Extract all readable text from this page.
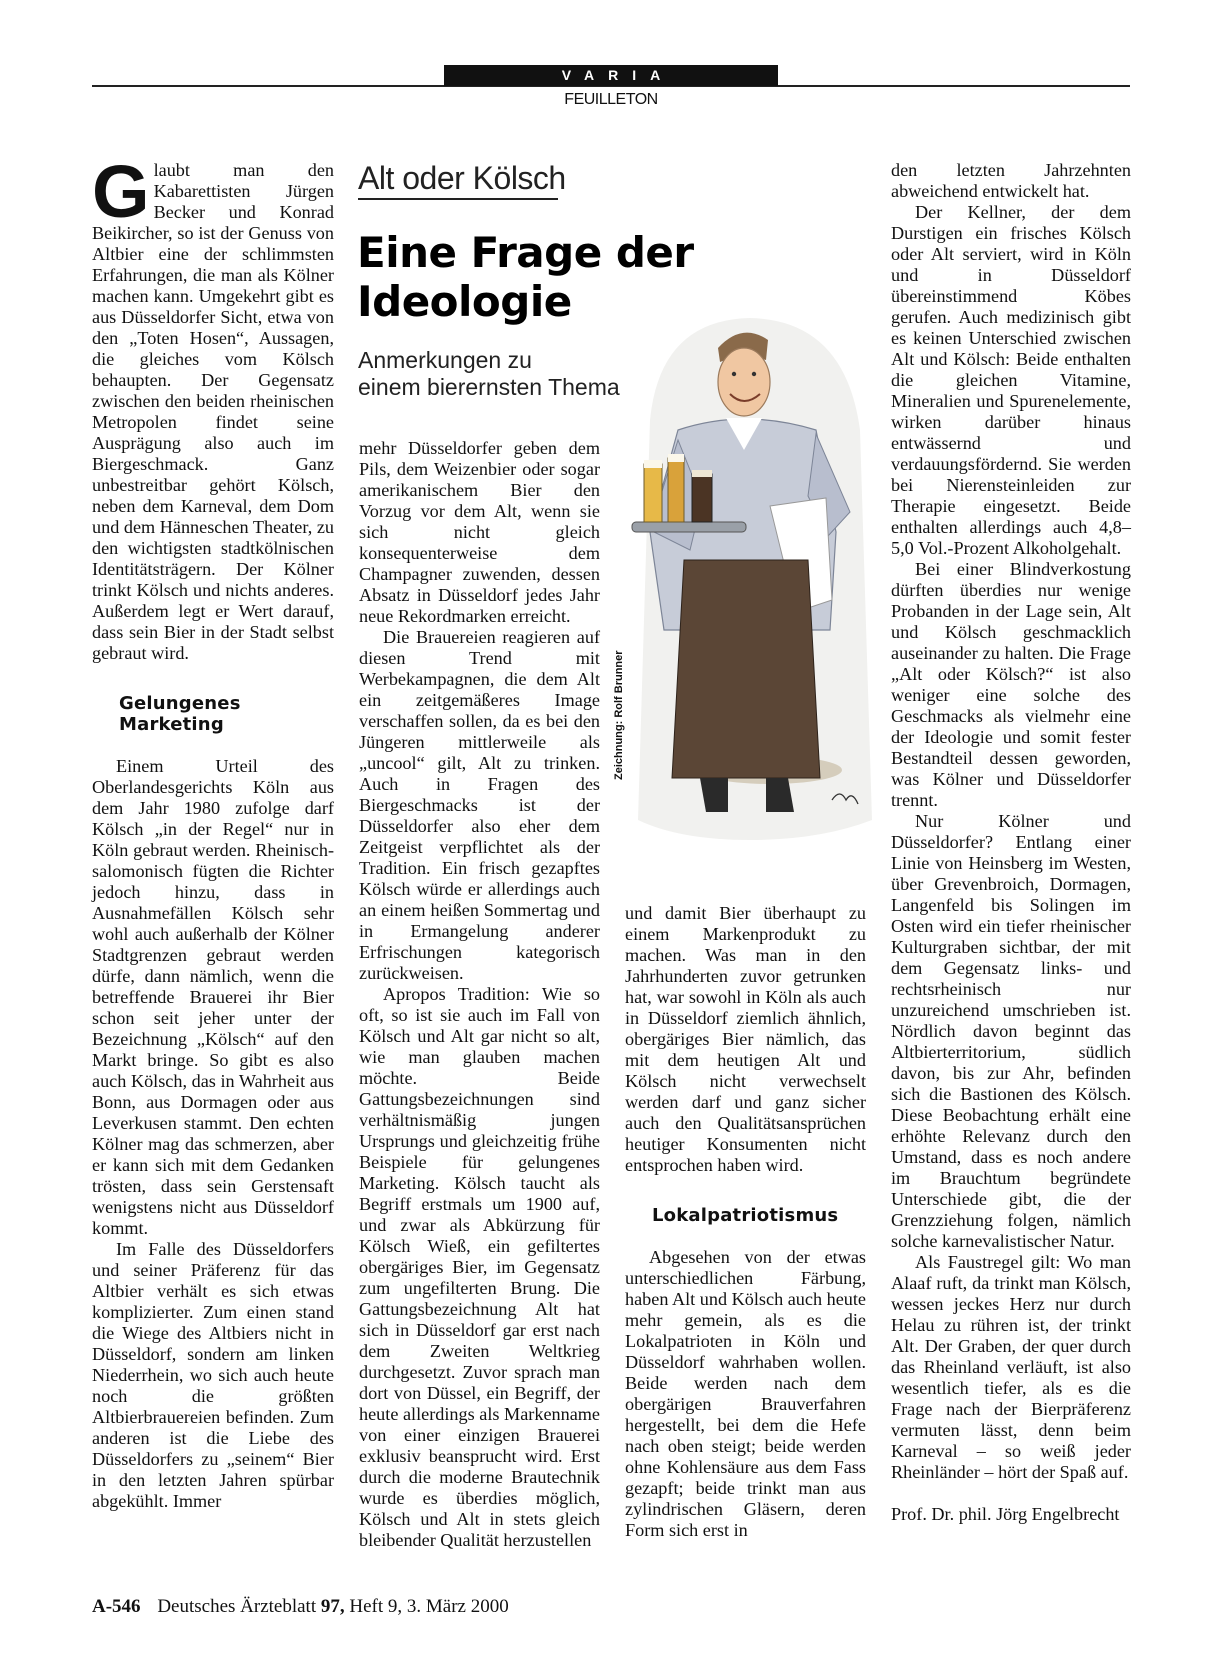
VARIA
FEUILLETON

Glaubt man den Kabarettisten Jürgen Becker und Konrad Beikircher, so ist der Genuss von Altbier eine der schlimmsten Erfahrungen, die man als Kölner machen kann. Umgekehrt gibt es aus Düsseldorfer Sicht, etwa von den „Toten Hosen“, Aussagen, die gleiches vom Kölsch behaupten. Der Gegensatz zwischen den beiden rheinischen Metropolen findet seine Ausprägung also auch im Biergeschmack. Ganz unbestreitbar gehört Kölsch, neben dem Karneval, dem Dom und dem Hänneschen Theater, zu den wichtigsten stadtkölnischen Identitätsträgern. Der Kölner trinkt Kölsch und nichts anderes. Außerdem legt er Wert darauf, dass sein Bier in der Stadt selbst gebraut wird.

Gelungenes
Marketing

Einem Urteil des Oberlandesgerichts Köln aus dem Jahr 1980 zufolge darf Kölsch „in der Regel“ nur in Köln gebraut werden. Rheinisch-salomonisch fügten die Richter jedoch hinzu, dass in Ausnahmefällen Kölsch sehr wohl auch außerhalb der Kölner Stadtgrenzen gebraut werden dürfe, dann nämlich, wenn die betreffende Brauerei ihr Bier schon seit jeher unter der Bezeichnung „Kölsch“ auf den Markt bringe. So gibt es also auch Kölsch, das in Wahrheit aus Bonn, aus Dormagen oder aus Leverkusen stammt. Den echten Kölner mag das schmerzen, aber er kann sich mit dem Gedanken trösten, dass sein Gerstensaft wenigstens nicht aus Düsseldorf kommt.

Im Falle des Düsseldorfers und seiner Präferenz für das Altbier verhält es sich etwas komplizierter. Zum einen stand die Wiege des Altbiers nicht in Düsseldorf, sondern am linken Niederrhein, wo sich auch heute noch die größten Altbierbrauereien befinden. Zum anderen ist die Liebe des Düsseldorfers zu „seinem“ Bier in den letzten Jahren spürbar abgekühlt. Immer

Alt oder Kölsch
Eine Frage der
Ideologie
Anmerkungen zu
einem bierernsten Thema
Zeichnung: Rolf Brunner

mehr Düsseldorfer geben dem Pils, dem Weizenbier oder sogar amerikanischem Bier den Vorzug vor dem Alt, wenn sie sich nicht gleich konsequenterweise dem Champagner zuwenden, dessen Absatz in Düsseldorf jedes Jahr neue Rekordmarken erreicht.

Die Brauereien reagieren auf diesen Trend mit Werbekampagnen, die dem Alt ein zeitgemäßeres Image verschaffen sollen, da es bei den Jüngeren mittlerweile als „uncool“ gilt, Alt zu trinken. Auch in Fragen des Biergeschmacks ist der Düsseldorfer also eher dem Zeitgeist verpflichtet als der Tradition. Ein frisch gezapftes Kölsch würde er allerdings auch an einem heißen Sommertag und in Ermangelung anderer Erfrischungen kategorisch zurückweisen.

Apropos Tradition: Wie so oft, so ist sie auch im Fall von Kölsch und Alt gar nicht so alt, wie man glauben machen möchte. Beide Gattungsbezeichnungen sind verhältnismäßig jungen Ursprungs und gleichzeitig frühe Beispiele für gelungenes Marketing. Kölsch taucht als Begriff erstmals um 1900 auf, und zwar als Abkürzung für Kölsch Wieß, ein gefiltertes obergäriges Bier, im Gegensatz zum ungefilterten Brung. Die Gattungsbezeichnung Alt hat sich in Düsseldorf gar erst nach dem Zweiten Weltkrieg durchgesetzt. Zuvor sprach man dort von Düssel, ein Begriff, der heute allerdings als Markenname von einer einzigen Brauerei exklusiv beansprucht wird. Erst durch die moderne Brautechnik wurde es überdies möglich, Kölsch und Alt in stets gleich bleibender Qualität herzustellen

und damit Bier überhaupt zu einem Markenprodukt zu machen. Was man in den Jahrhunderten zuvor getrunken hat, war sowohl in Köln als auch in Düsseldorf ziemlich ähnlich, obergäriges Bier nämlich, das mit dem heutigen Alt und Kölsch nicht verwechselt werden darf und ganz sicher auch den Qualitätsansprüchen heutiger Konsumenten nicht entsprochen haben wird.

Lokalpatriotismus

Abgesehen von der etwas unterschiedlichen Färbung, haben Alt und Kölsch auch heute mehr gemein, als es die Lokalpatrioten in Köln und Düsseldorf wahrhaben wollen. Beide werden nach dem obergärigen Brauverfahren hergestellt, bei dem die Hefe nach oben steigt; beide werden ohne Kohlensäure aus dem Fass gezapft; beide trinkt man aus zylindrischen Gläsern, deren Form sich erst in

den letzten Jahrzehnten abweichend entwickelt hat.

Der Kellner, der dem Durstigen ein frisches Kölsch oder Alt serviert, wird in Köln und in Düsseldorf übereinstimmend Köbes gerufen. Auch medizinisch gibt es keinen Unterschied zwischen Alt und Kölsch: Beide enthalten die gleichen Vitamine, Mineralien und Spurenelemente, wirken darüber hinaus entwässernd und verdauungsfördernd. Sie werden bei Nierensteinleiden zur Therapie eingesetzt. Beide enthalten allerdings auch 4,8–5,0 Vol.-Prozent Alkoholgehalt.

Bei einer Blindverkostung dürften überdies nur wenige Probanden in der Lage sein, Alt und Kölsch geschmacklich auseinander zu halten. Die Frage „Alt oder Kölsch?“ ist also weniger eine solche des Geschmacks als vielmehr eine der Ideologie und somit fester Bestandteil dessen geworden, was Kölner und Düsseldorfer trennt.

Nur Kölner und Düsseldorfer? Entlang einer Linie von Heinsberg im Westen, über Grevenbroich, Dormagen, Langenfeld bis Solingen im Osten wird ein tiefer rheinischer Kulturgraben sichtbar, der mit dem Gegensatz links- und rechtsrheinisch nur unzureichend umschrieben ist. Nördlich davon beginnt das Altbierterritorium, südlich davon, bis zur Ahr, befinden sich die Bastionen des Kölsch. Diese Beobachtung erhält eine erhöhte Relevanz durch den Umstand, dass es noch andere im Brauchtum begründete Unterschiede gibt, die der Grenzziehung folgen, nämlich solche karnevalistischer Natur.

Als Faustregel gilt: Wo man Alaaf ruft, da trinkt man Kölsch, wessen jeckes Herz nur durch Helau zu rühren ist, der trinkt Alt. Der Graben, der quer durch das Rheinland verläuft, ist also wesentlich tiefer, als es die Frage nach der Bierpräferenz vermuten lässt, denn beim Karneval – so weiß jeder Rheinländer – hört der Spaß auf.

Prof. Dr. phil. Jörg Engelbrecht

A-546 Deutsches Ärzteblatt 97, Heft 9, 3. März 2000
